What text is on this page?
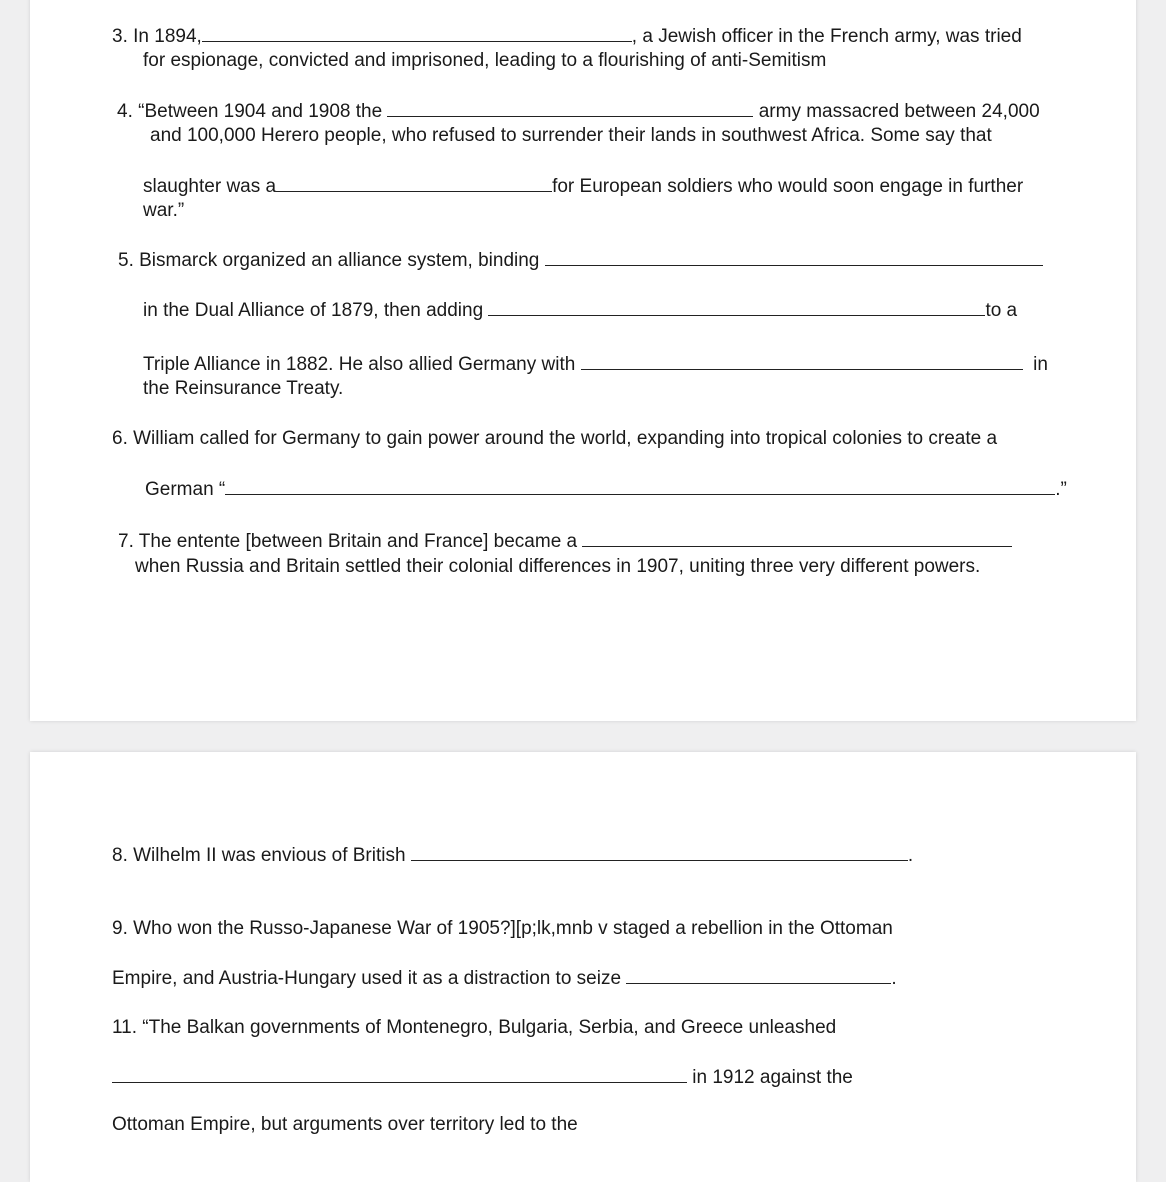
3. In 1894,	, a Jewish officer in the French army, was tried
for espionage, convicted and imprisoned, leading to a flourishing of anti-Semitism
4. “Between 1904 and 1908 the	army massacred between 24,000
and 100,000 Herero people, who refused to surrender their lands in southwest Africa. Some say that
slaughter was a	for European soldiers who would soon engage in further
war.”
5. Bismarck organized an alliance system, binding
in the Dual Alliance of 1879, then adding	to a
Triple Alliance in 1882. He also allied Germany with	in
the Reinsurance Treaty.
6. William called for Germany to gain power around the world, expanding into tropical colonies to create a
German “	.”
7. The entente [between Britain and France] became a
when Russia and Britain settled their colonial differences in 1907, uniting three very different powers.
8. Wilhelm II was envious of British	.
9. Who won the Russo-Japanese War of 1905?][p;lk,mnb v staged a rebellion in the Ottoman
Empire, and Austria-Hungary used it as a distraction to seize	.
11. “The Balkan governments of Montenegro, Bulgaria, Serbia, and Greece unleashed
in 1912 against the
Ottoman Empire, but arguments over territory led to the
